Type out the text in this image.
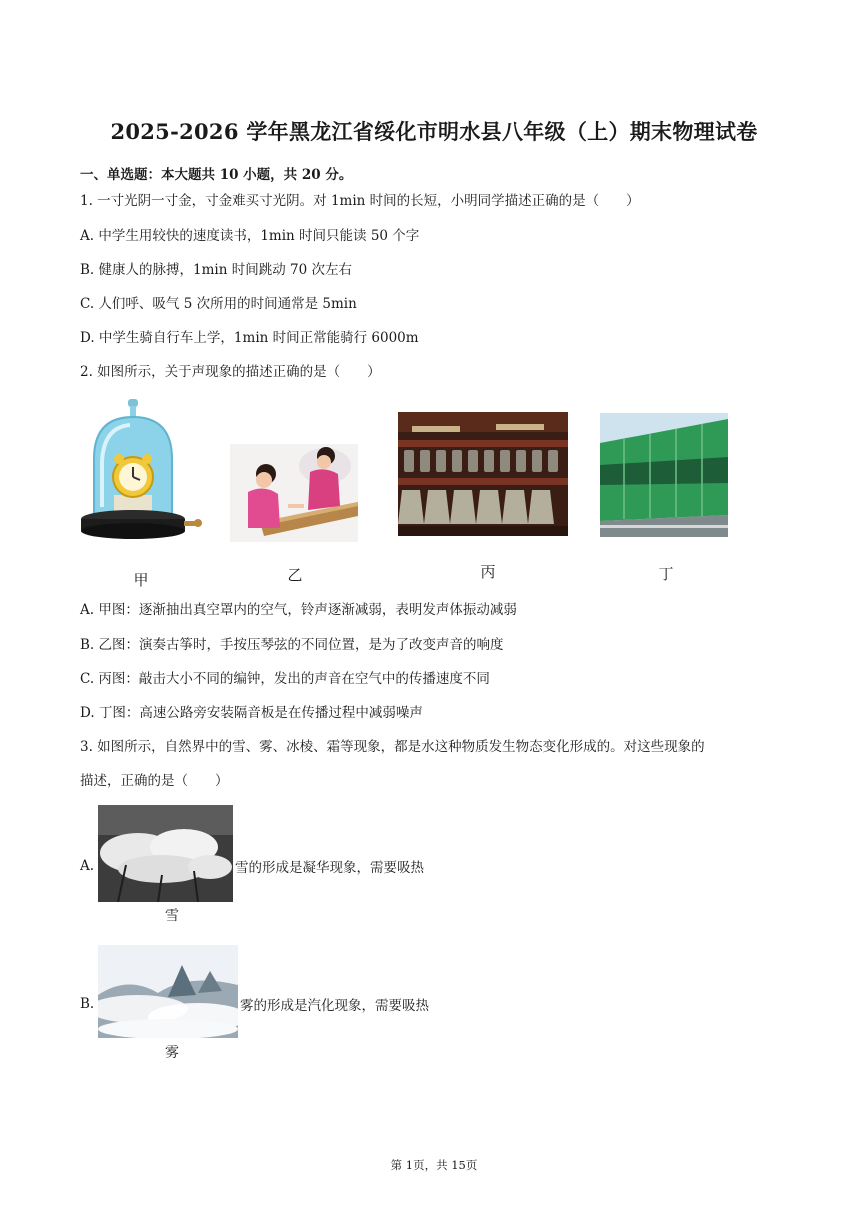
2025-2026 学年黑龙江省绥化市明水县八年级（上）期末物理试卷
一、单选题：本大题共 10 小题，共 20 分。
1. 一寸光阴一寸金，寸金难买寸光阴。对 1min 时间的长短，小明同学描述正确的是（　　）
A. 中学生用较快的速度读书，1min 时间只能读 50 个字
B. 健康人的脉搏，1min 时间跳动 70 次左右
C. 人们呼、吸气 5 次所用的时间通常是 5min
D. 中学生骑自行车上学，1min 时间正常能骑行 6000m
2. 如图所示，关于声现象的描述正确的是（　　）
甲	乙	丙	丁
A. 甲图：逐渐抽出真空罩内的空气，铃声逐渐减弱，表明发声体振动减弱
B. 乙图：演奏古筝时，手按压琴弦的不同位置，是为了改变声音的响度
C. 丙图：敲击大小不同的编钟，发出的声音在空气中的传播速度不同
D. 丁图：高速公路旁安装隔音板是在传播过程中减弱噪声
3. 如图所示，自然界中的雪、雾、冰棱、霜等现象，都是水这种物质发生物态变化形成的。对这些现象的
描述，正确的是（　　）
A.	雪的形成是凝华现象，需要吸热
雪
B.	雾的形成是汽化现象，需要吸热
雾
第 1页，共 15页
